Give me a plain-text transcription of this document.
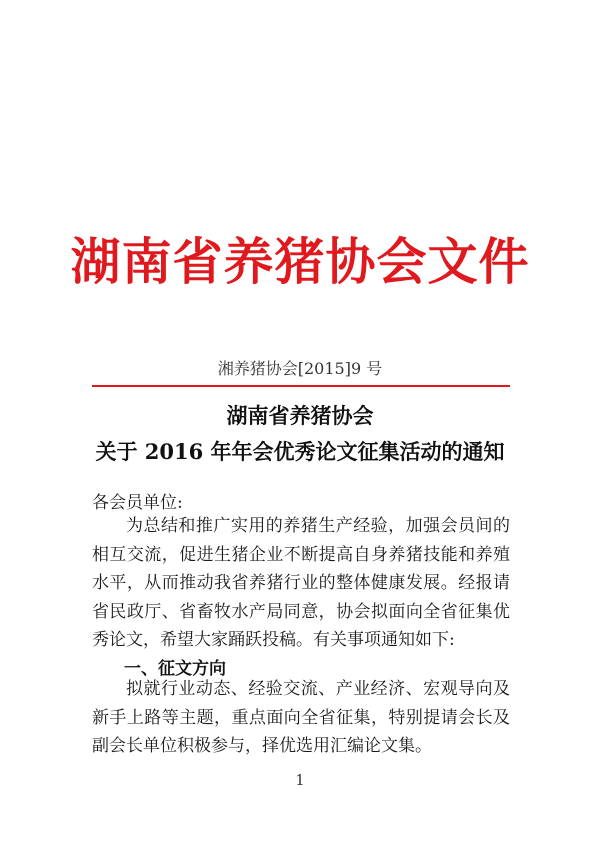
湖南省养猪协会文件
湘养猪协会[2015]9 号
湖南省养猪协会
关于 2016 年年会优秀论文征集活动的通知
各会员单位:
为总结和推广实用的养猪生产经验，加强会员间的相互交流，促进生猪企业不断提高自身养猪技能和养殖水平，从而推动我省养猪行业的整体健康发展。经报请省民政厅、省畜牧水产局同意，协会拟面向全省征集优秀论文，希望大家踊跃投稿。有关事项通知如下:
一、征文方向
拟就行业动态、经验交流、产业经济、宏观导向及新手上路等主题，重点面向全省征集，特别提请会长及副会长单位积极参与，择优选用汇编论文集。
1
